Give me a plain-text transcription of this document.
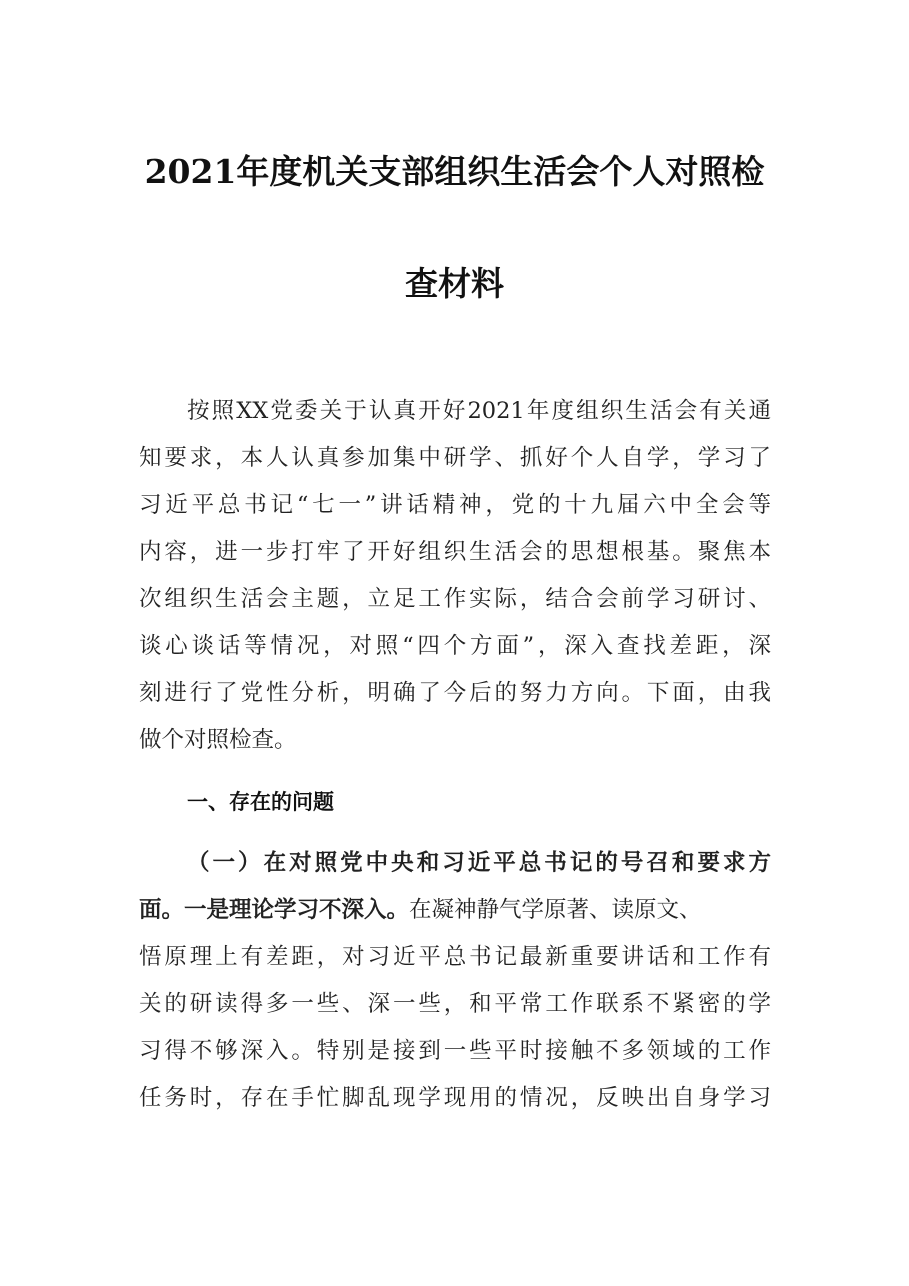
2021年度机关支部组织生活会个人对照检
查材料
按照XX党委关于认真开好2021年度组织生活会有关通
知要求，本人认真参加集中研学、抓好个人自学，学习了
习近平总书记“七一”讲话精神，党的十九届六中全会等
内容，进一步打牢了开好组织生活会的思想根基。聚焦本
次组织生活会主题，立足工作实际，结合会前学习研讨、
谈心谈话等情况，对照“四个方面”，深入查找差距，深
刻进行了党性分析，明确了今后的努力方向。下面，由我
做个对照检查。
一、存在的问题
（一）在对照党中央和习近平总书记的号召和要求方
面。一是理论学习不深入。在凝神静气学原著、读原文、
悟原理上有差距，对习近平总书记最新重要讲话和工作有
关的研读得多一些、深一些，和平常工作联系不紧密的学
习得不够深入。特别是接到一些平时接触不多领域的工作
任务时，存在手忙脚乱现学现用的情况，反映出自身学习
